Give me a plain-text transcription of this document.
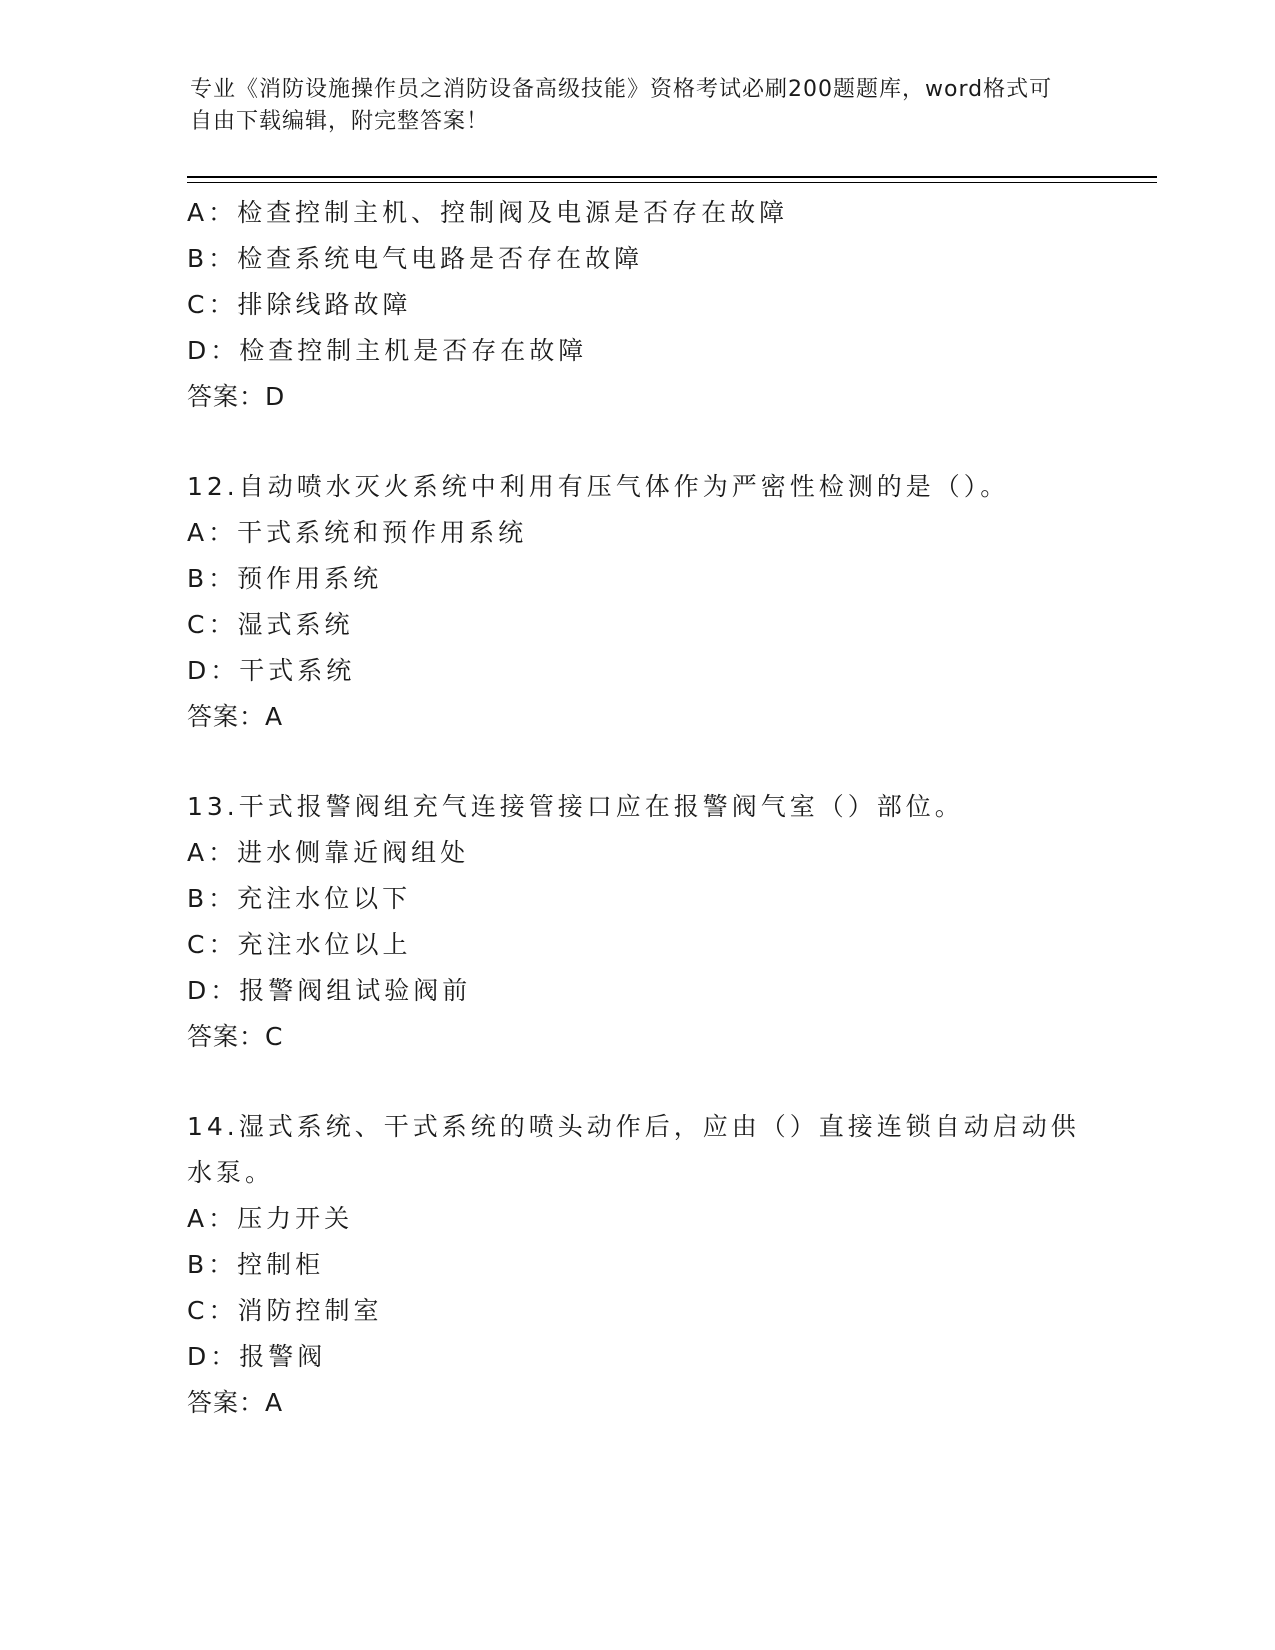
专业《消防设施操作员之消防设备高级技能》资格考试必刷200题题库，word格式可自由下载编辑，附完整答案！
A：检查控制主机、控制阀及电源是否存在故障
B：检查系统电气电路是否存在故障
C：排除线路故障
D：检查控制主机是否存在故障
答案：D
12.自动喷水灭火系统中利用有压气体作为严密性检测的是（）。
A：干式系统和预作用系统
B：预作用系统
C：湿式系统
D：干式系统
答案：A
13.干式报警阀组充气连接管接口应在报警阀气室（）部位。
A：进水侧靠近阀组处
B：充注水位以下
C：充注水位以上
D：报警阀组试验阀前
答案：C
14.湿式系统、干式系统的喷头动作后，应由（）直接连锁自动启动供水泵。
A：压力开关
B：控制柜
C：消防控制室
D：报警阀
答案：A
